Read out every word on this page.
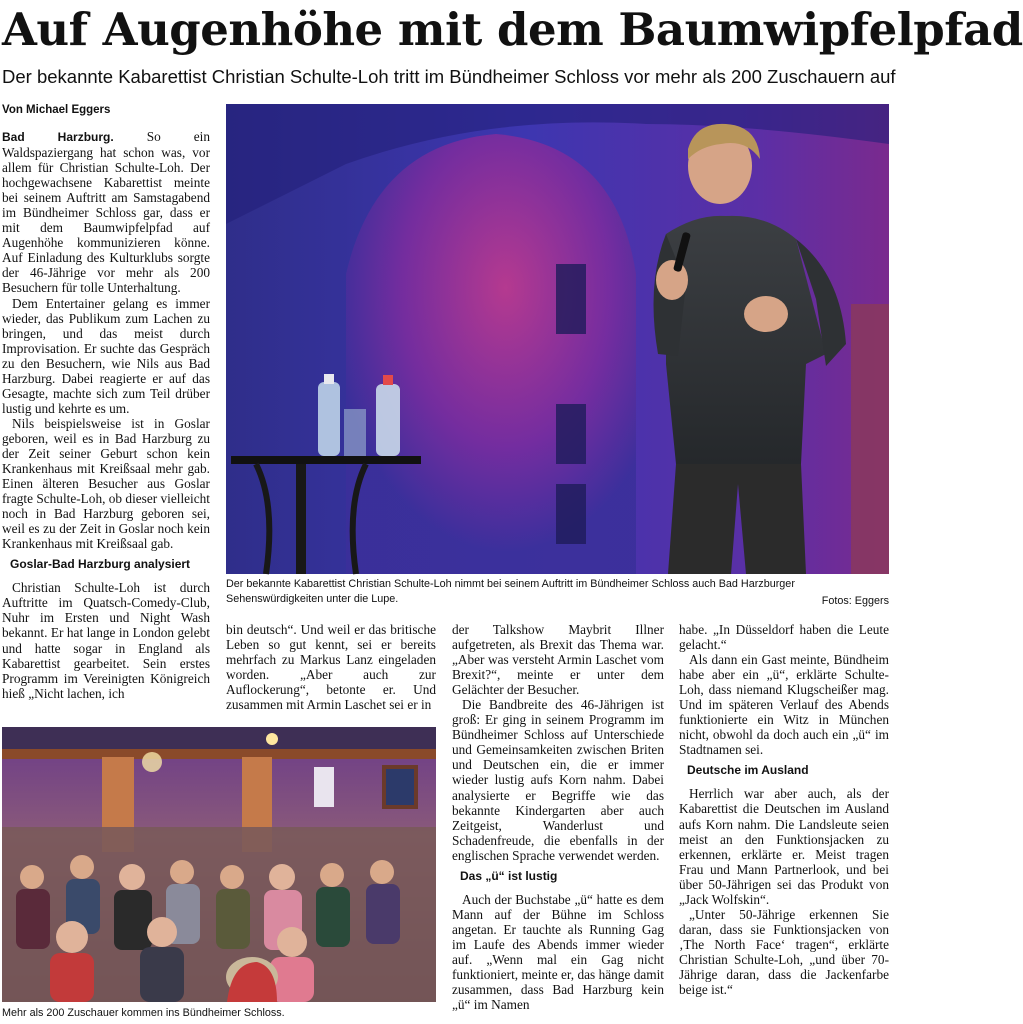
Auf Augenhöhe mit dem Baumwipfelpfad
Der bekannte Kabarettist Christian Schulte-Loh tritt im Bündheimer Schloss vor mehr als 200 Zuschauern auf
Von Michael Eggers

Bad Harzburg. So ein Waldspaziergang hat schon was, vor allem für Christian Schulte-Loh. Der hochgewachsene Kabarettist meinte bei seinem Auftritt am Samstagabend im Bündheimer Schloss gar, dass er mit dem Baumwipfelpfad auf Augenhöhe kommunizieren könne. Auf Einladung des Kulturklubs sorgte der 46-Jährige vor mehr als 200 Besuchern für tolle Unterhaltung.

Dem Entertainer gelang es immer wieder, das Publikum zum Lachen zu bringen, und das meist durch Improvisation. Er suchte das Gespräch zu den Besuchern, wie Nils aus Bad Harzburg. Dabei reagierte er auf das Gesagte, machte sich zum Teil drüber lustig und kehrte es um.

Nils beispielsweise ist in Goslar geboren, weil es in Bad Harzburg zu der Zeit seiner Geburt schon kein Krankenhaus mit Kreißsaal mehr gab. Einen älteren Besucher aus Goslar fragte Schulte-Loh, ob dieser vielleicht noch in Bad Harzburg geboren sei, weil es zu der Zeit in Goslar noch kein Krankenhaus mit Kreißsaal gab.

Goslar-Bad Harzburg analysiert

Christian Schulte-Loh ist durch Auftritte im Quatsch-Comedy-Club, Nuhr im Ersten und Night Wash bekannt. Er hat lange in London gelebt und hatte sogar in England als Kabarettist gearbeitet. Sein erstes Programm im Vereinigten Königreich hieß „Nicht lachen, ich

Der bekannte Kabarettist Christian Schulte-Loh nimmt bei seinem Auftritt im Bündheimer Schloss auch Bad Harzburger Sehenswürdigkeiten unter die Lupe.	Fotos: Eggers

bin deutsch“. Und weil er das britische Leben so gut kennt, sei er bereits mehrfach zu Markus Lanz eingeladen worden. „Aber auch zur Auflockerung“, betonte er. Und zusammen mit Armin Laschet sei er in

der Talkshow Maybrit Illner aufgetreten, als Brexit das Thema war. „Aber was versteht Armin Laschet vom Brexit?“, meinte er unter dem Gelächter der Besucher.

Die Bandbreite des 46-Jährigen ist groß: Er ging in seinem Programm im Bündheimer Schloss auf Unterschiede und Gemeinsamkeiten zwischen Briten und Deutschen ein, die er immer wieder lustig aufs Korn nahm. Dabei analysierte er Begriffe wie das bekannte Kindergarten aber auch Zeitgeist, Wanderlust und Schadenfreude, die ebenfalls in der englischen Sprache verwendet werden.

Das „ü“ ist lustig

Auch der Buchstabe „ü“ hatte es dem Mann auf der Bühne im Schloss angetan. Er tauchte als Running Gag im Laufe des Abends immer wieder auf. „Wenn mal ein Gag nicht funktioniert, meinte er, das hänge damit zusammen, dass Bad Harzburg kein „ü“ im Namen

habe. „In Düsseldorf haben die Leute gelacht.“

Als dann ein Gast meinte, Bündheim habe aber ein „ü“, erklärte Schulte-Loh, dass niemand Klugscheißer mag. Und im späteren Verlauf des Abends funktionierte ein Witz in München nicht, obwohl da doch auch ein „ü“ im Stadtnamen sei.

Deutsche im Ausland

Herrlich war aber auch, als der Kabarettist die Deutschen im Ausland aufs Korn nahm. Die Landsleute seien meist an den Funktionsjacken zu erkennen, erklärte er. Meist tragen Frau und Mann Partnerlook, und bei über 50-Jährigen sei das Produkt von „Jack Wolfskin“.

„Unter 50-Jährige erkennen Sie daran, dass sie Funktionsjacken von ‚The North Face‘ tragen“, erklärte Christian Schulte-Loh, „und über 70-Jährige daran, dass die Jackenfarbe beige ist.“

Mehr als 200 Zuschauer kommen ins Bündheimer Schloss.
